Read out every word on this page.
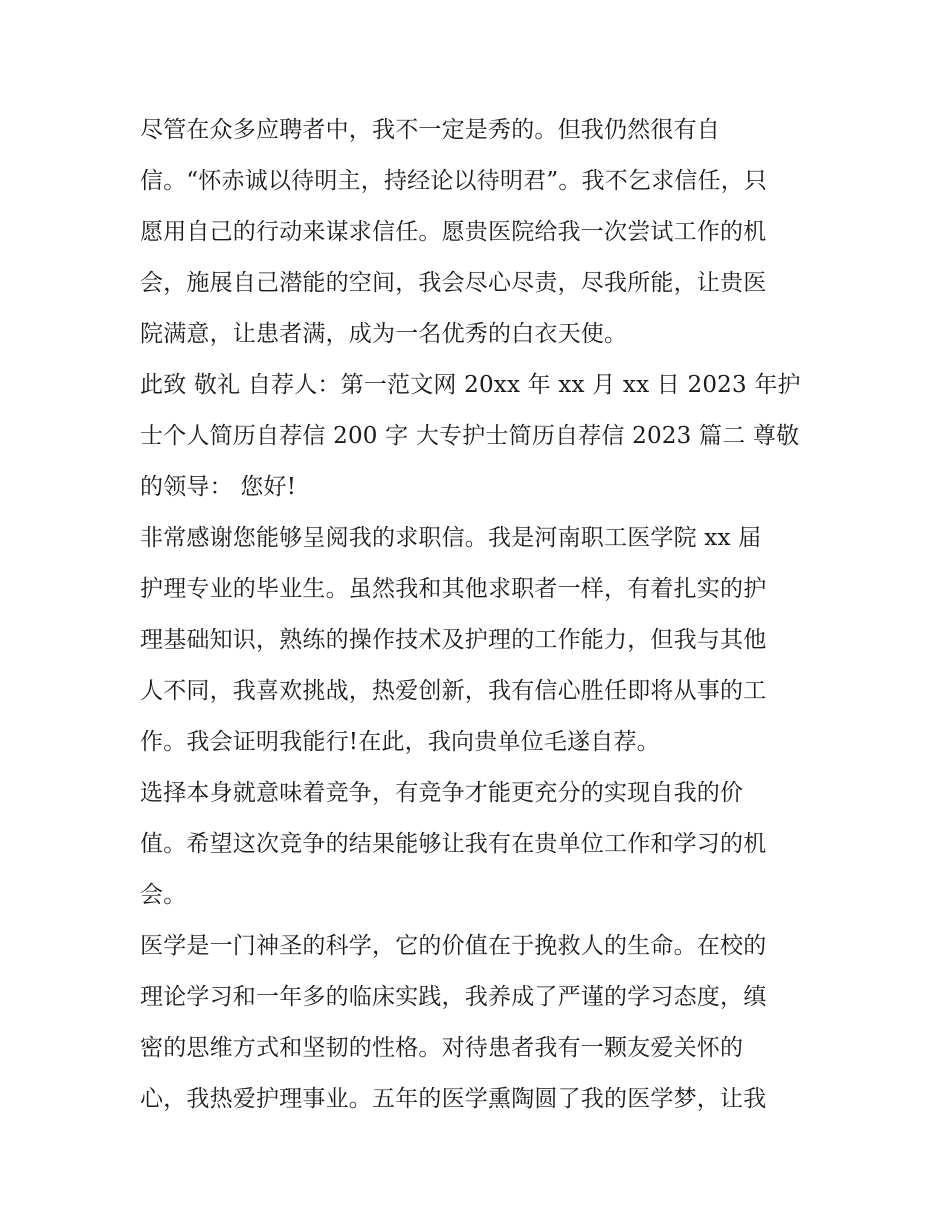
尽管在众多应聘者中，我不一定是秀的。但我仍然很有自
信。“怀赤诚以待明主，持经论以待明君”。我不乞求信任，只
愿用自己的行动来谋求信任。愿贵医院给我一次尝试工作的机
会，施展自己潜能的空间，我会尽心尽责，尽我所能，让贵医
院满意，让患者满，成为一名优秀的白衣天使。
此致 敬礼 自荐人：第一范文网 20xx 年 xx 月 xx 日 2023 年护
士个人简历自荐信 200 字 大专护士简历自荐信 2023 篇二 尊敬
的领导： 您好!
非常感谢您能够呈阅我的求职信。我是河南职工医学院 xx 届
护理专业的毕业生。虽然我和其他求职者一样，有着扎实的护
理基础知识，熟练的操作技术及护理的工作能力，但我与其他
人不同，我喜欢挑战，热爱创新，我有信心胜任即将从事的工
作。我会证明我能行!在此，我向贵单位毛遂自荐。
选择本身就意味着竞争，有竞争才能更充分的实现自我的价
值。希望这次竞争的结果能够让我有在贵单位工作和学习的机
会。
医学是一门神圣的科学，它的价值在于挽救人的生命。在校的
理论学习和一年多的临床实践，我养成了严谨的学习态度，缜
密的思维方式和坚韧的性格。对待患者我有一颗友爱关怀的
心，我热爱护理事业。五年的医学熏陶圆了我的医学梦，让我
